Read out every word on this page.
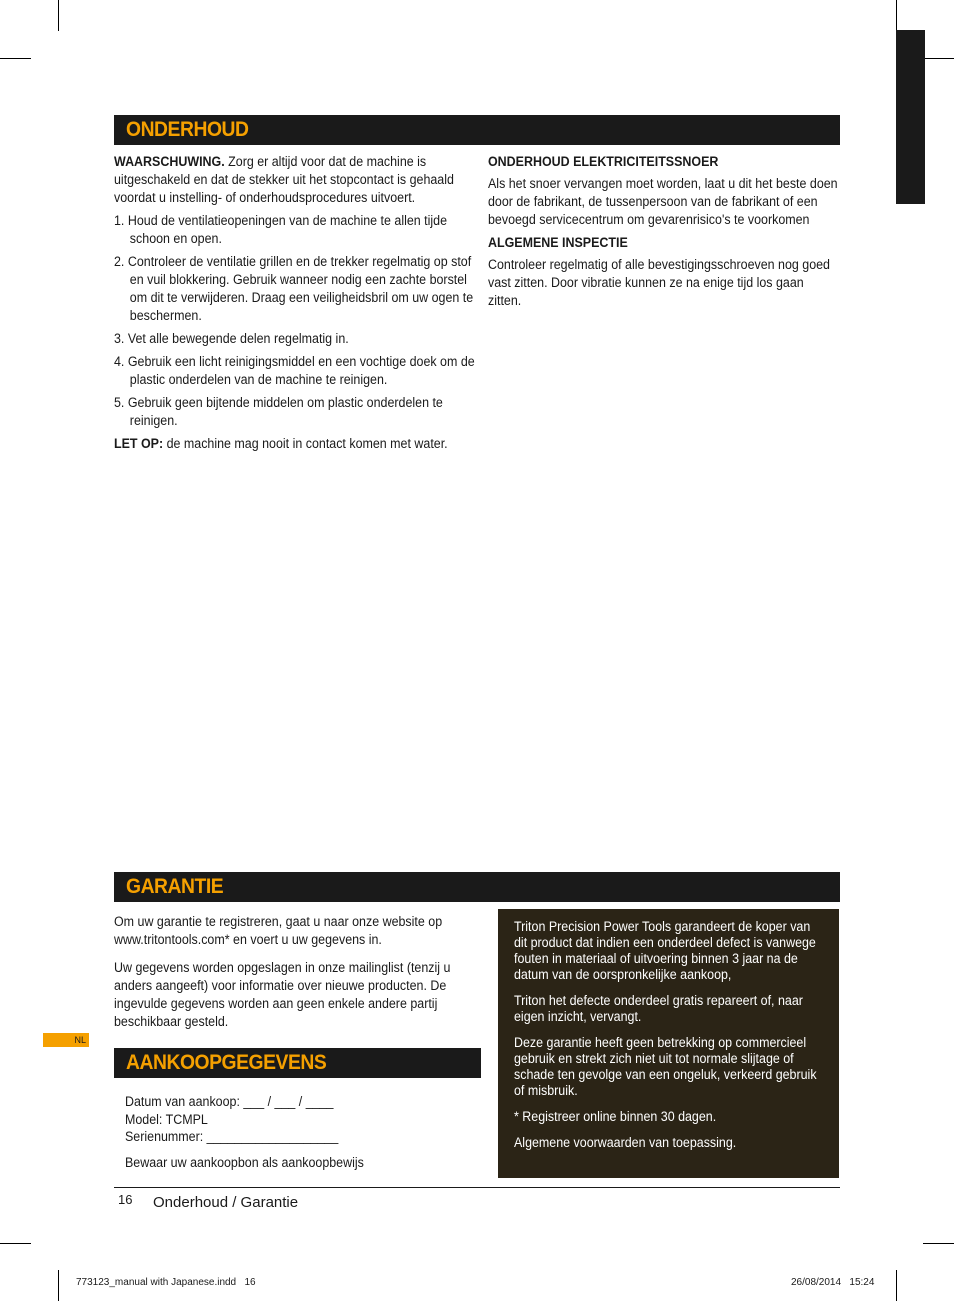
ONDERHOUD

WAARSCHUWING. Zorg er altijd voor dat de machine is uitgeschakeld en dat de stekker uit het stopcontact is gehaald voordat u instelling- of onderhoudsprocedures uitvoert.

1. Houd de ventilatieopeningen van de machine te allen tijde schoon en open.
2. Controleer de ventilatie grillen en de trekker regelmatig op stof en vuil blokkering. Gebruik wanneer nodig een zachte borstel om dit te verwijderen. Draag een veiligheidsbril om uw ogen te beschermen.
3. Vet alle bewegende delen regelmatig in.
4. Gebruik een licht reinigingsmiddel en een vochtige doek om de plastic onderdelen van de machine te reinigen.
5. Gebruik geen bijtende middelen om plastic onderdelen te reinigen.

LET OP: de machine mag nooit in contact komen met water.

ONDERHOUD ELEKTRICITEITSSNOER

Als het snoer vervangen moet worden, laat u dit het beste doen door de fabrikant, de tussenpersoon van de fabrikant of een bevoegd servicecentrum om gevarenrisico's te voorkomen

ALGEMENE INSPECTIE

Controleer regelmatig of alle bevestigingsschroeven nog goed vast zitten. Door vibratie kunnen ze na enige tijd los gaan zitten.

GARANTIE

Om uw garantie te registreren, gaat u naar onze website op www.tritontools.com* en voert u uw gegevens in.

Uw gegevens worden opgeslagen in onze mailinglist (tenzij u anders aangeeft) voor informatie over nieuwe producten. De ingevulde gegevens worden aan geen enkele andere partij beschikbaar gesteld.

Triton Precision Power Tools garandeert de koper van dit product dat indien een onderdeel defect is vanwege fouten in materiaal of uitvoering binnen 3 jaar na de datum van de oorspronkelijke aankoop,

Triton het defecte onderdeel gratis repareert of, naar eigen inzicht, vervangt.

Deze garantie heeft geen betrekking op commercieel gebruik en strekt zich niet uit tot normale slijtage of schade ten gevolge van een ongeluk, verkeerd gebruik of misbruik.

* Registreer online binnen 30 dagen.

Algemene voorwaarden van toepassing.

NL
AANKOOPGEGEVENS
Datum van aankoop: ___ / ___ / ____
Model: TCMPL
Serienummer: ___________________
Bewaar uw aankoopbon als aankoopbewijs
16 Onderhoud / Garantie
773123_manual with Japanese.indd   16	26/08/2014   15:24
